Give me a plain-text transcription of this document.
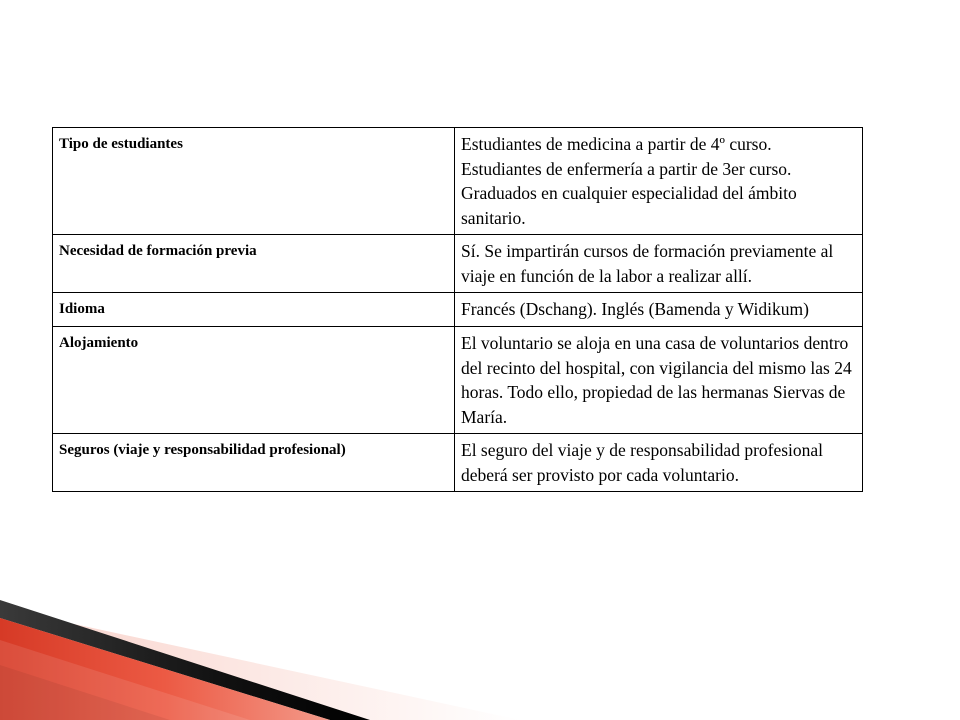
Tipo de estudiantes	Estudiantes de medicina a partir de 4º curso. Estudiantes de enfermería a partir de 3er curso. Graduados en cualquier especialidad del ámbito sanitario.
Necesidad de formación previa	Sí. Se impartirán cursos de formación previamente al viaje en función de la labor a realizar allí.
Idioma	Francés (Dschang). Inglés (Bamenda y Widikum)
Alojamiento	El voluntario se aloja en una casa de voluntarios dentro del recinto del hospital, con vigilancia del mismo las 24 horas. Todo ello, propiedad de las hermanas Siervas de María.
Seguros (viaje y responsabilidad profesional)	El seguro del viaje y de responsabilidad profesional deberá ser provisto por cada voluntario.
